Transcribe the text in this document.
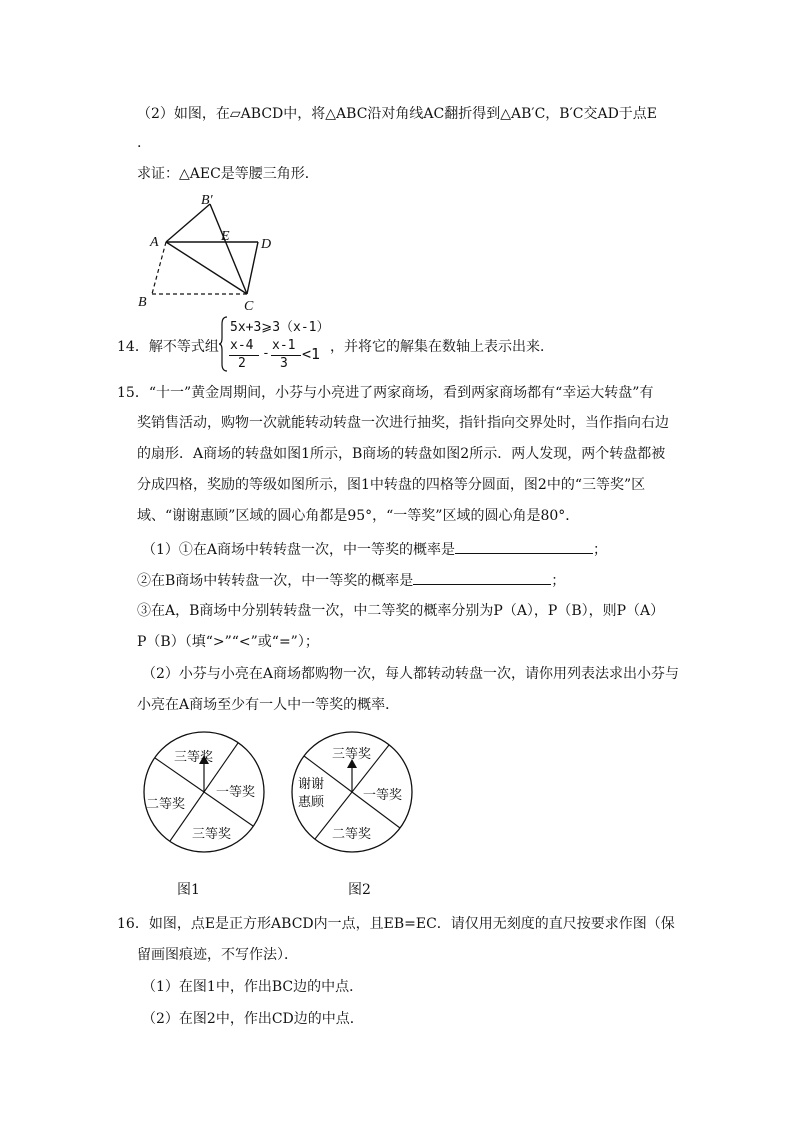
（2）如图，在▱ABCD中，将△ABC沿对角线AC翻折得到△AB′C，B′C交AD于点E
.
求证：△AEC是等腰三角形．
A
B	C
D
E
B′
14．解不等式组
5x+3⩾3（x-1）
x-4
2
-
x-1
3
<1 ，并将它的解集在数轴上表示出来．
15．“十一”黄金周期间，小芬与小亮进了两家商场，看到两家商场都有“幸运大转盘”有
奖销售活动，购物一次就能转动转盘一次进行抽奖，指针指向交界处时，当作指向右边
的扇形．A商场的转盘如图1所示，B商场的转盘如图2所示．两人发现，两个转盘都被
分成四格，奖励的等级如图所示，图1中转盘的四格等分圆面，图2中的“三等奖”区
域、“谢谢惠顾”区域的圆心角都是95°，“一等奖”区域的圆心角是80°．
（1）①在A商场中转转盘一次，中一等奖的概率是	；
②在B商场中转转盘一次，中一等奖的概率是	；
③在A，B商场中分别转转盘一次，中二等奖的概率分别为P（A），P（B），则P（A）
P（B）（填“>”“<”或“=”）；
（2）小芬与小亮在A商场都购物一次，每人都转动转盘一次，请你用列表法求出小芬与
小亮在A商场至少有一人中一等奖的概率．
三等奖
一等奖
二等奖
三等奖
图1
三等奖
谢谢
惠顾	一等奖
二等奖
图2
16．如图，点E是正方形ABCD内一点，且EB=EC．请仅用无刻度的直尺按要求作图（保
留画图痕迹，不写作法）．
（1）在图1中，作出BC边的中点．
（2）在图2中，作出CD边的中点．
